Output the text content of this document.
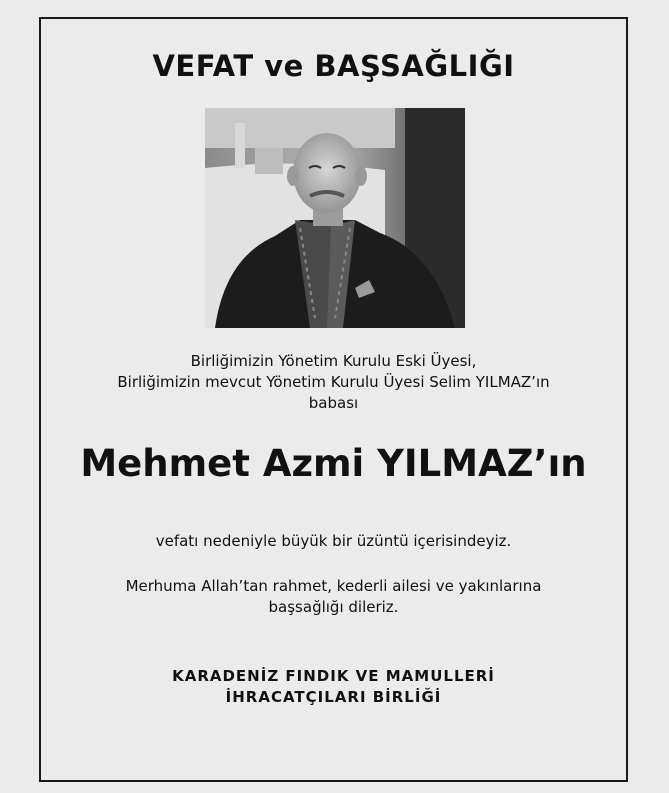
VEFAT ve BAŞSAĞLIĞI
Birliğimizin Yönetim Kurulu Eski Üyesi,
Birliğimizin mevcut Yönetim Kurulu Üyesi Selim YILMAZ’ın
babası
Mehmet Azmi YILMAZ’ın
vefatı nedeniyle büyük bir üzüntü içerisindeyiz.
Merhuma Allah’tan rahmet, kederli ailesi ve yakınlarına
başsağlığı dileriz.
KARADENİZ FINDIK VE MAMULLERİ
İHRACATÇILARI BİRLİĞİ
